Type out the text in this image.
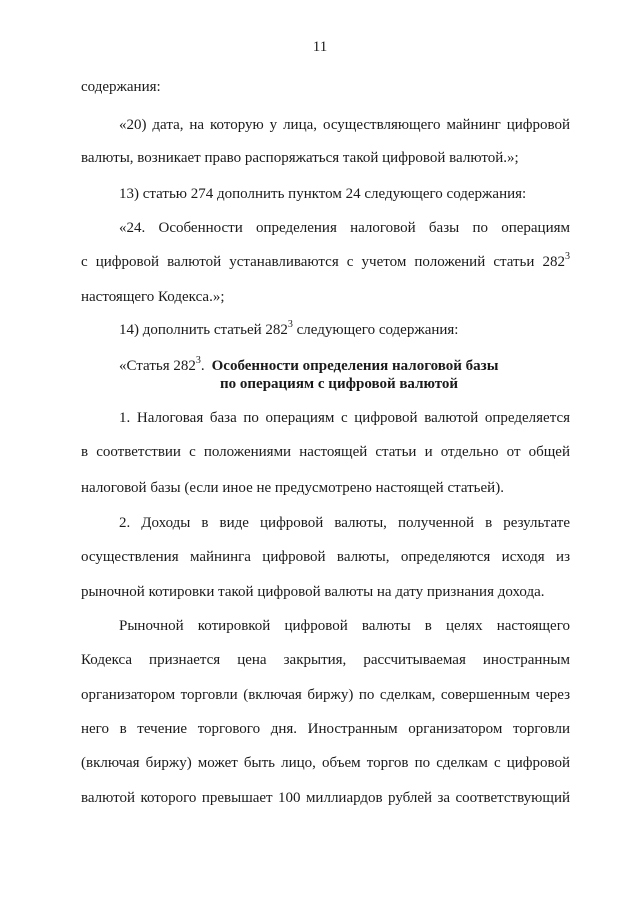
11
содержания:
«20) дата, на которую у лица, осуществляющего майнинг цифровой
валюты, возникает право распоряжаться такой цифровой валютой.»;
13) статью 274 дополнить пунктом 24 следующего содержания:
«24. Особенности определения налоговой базы по операциям
с цифровой валютой устанавливаются с учетом положений статьи $282^3$
настоящего Кодекса.»;
14) дополнить статьей $282^3$ следующего содержания:
«Статья $282^3$. Особенности определения налоговой базы
по операциям с цифровой валютой
1. Налоговая база по операциям с цифровой валютой определяется
в соответствии с положениями настоящей статьи и отдельно от общей
налоговой базы (если иное не предусмотрено настоящей статьей).
2. Доходы в виде цифровой валюты, полученной в результате
осуществления майнинга цифровой валюты, определяются исходя из
рыночной котировки такой цифровой валюты на дату признания дохода.
Рыночной котировкой цифровой валюты в целях настоящего
Кодекса признается цена закрытия, рассчитываемая иностранным
организатором торговли (включая биржу) по сделкам, совершенным через
него в течение торгового дня. Иностранным организатором торговли
(включая биржу) может быть лицо, объем торгов по сделкам с цифровой
валютой которого превышает 100 миллиардов рублей за соответствующий
